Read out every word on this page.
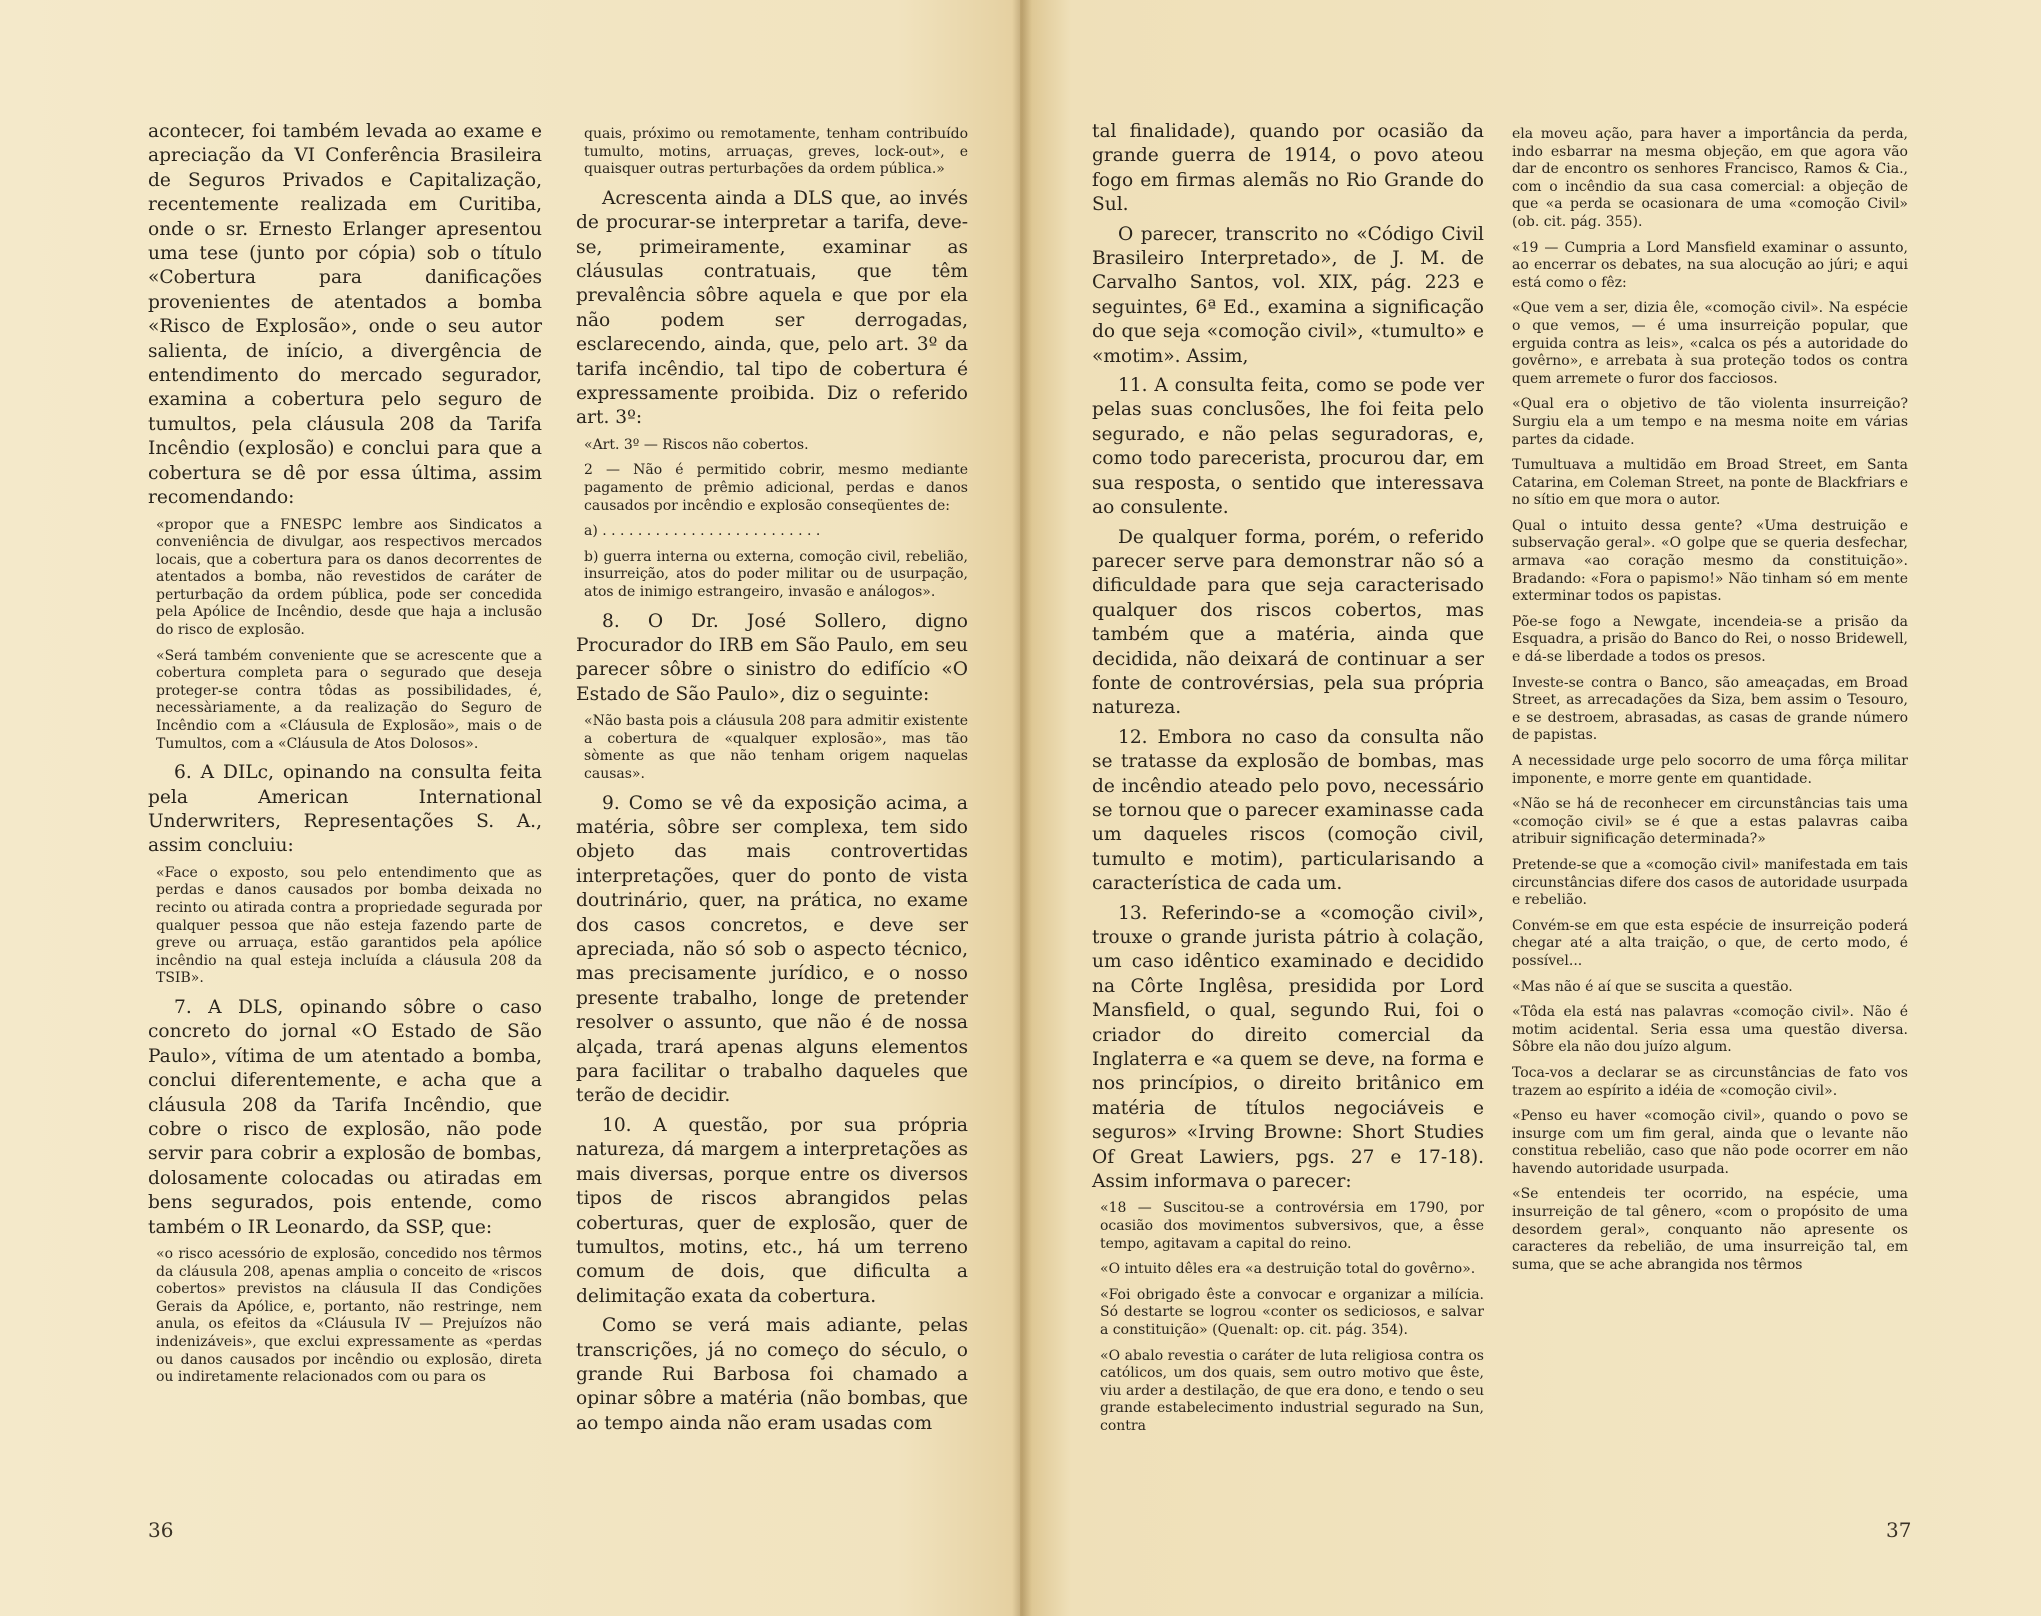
acontecer, foi também levada ao exame e apreciação da VI Conferência Brasileira de Seguros Privados e Capitalização, recentemente realizada em Curitiba, onde o sr. Ernesto Erlanger apresentou uma tese (junto por cópia) sob o título «Cobertura para danificações provenientes de atentados a bomba «Risco de Explosão», onde o seu autor salienta, de início, a divergência de entendimento do mercado segurador, examina a cobertura pelo seguro de tumultos, pela cláusula 208 da Tarifa Incêndio (explosão) e conclui para que a cobertura se dê por essa última, assim recomendando:

«propor que a FNESPC lembre aos Sindicatos a conveniência de divulgar, aos respectivos mercados locais, que a cobertura para os danos decorrentes de atentados a bomba, não revestidos de caráter de perturbação da ordem pública, pode ser concedida pela Apólice de Incêndio, desde que haja a inclusão do risco de explosão.

«Será também conveniente que se acrescente que a cobertura completa para o segurado que deseja proteger-se contra tôdas as possibilidades, é, necessàriamente, a da realização do Seguro de Incêndio com a «Cláusula de Explosão», mais o de Tumultos, com a «Cláusula de Atos Dolosos».

6. A DILc, opinando na consulta feita pela American International Underwriters, Representações S. A., assim concluiu:

«Face o exposto, sou pelo entendimento que as perdas e danos causados por bomba deixada no recinto ou atirada contra a propriedade segurada por qualquer pessoa que não esteja fazendo parte de greve ou arruaça, estão garantidos pela apólice incêndio na qual esteja incluída a cláusula 208 da TSIB».

7. A DLS, opinando sôbre o caso concreto do jornal «O Estado de São Paulo», vítima de um atentado a bomba, conclui diferentemente, e acha que a cláusula 208 da Tarifa Incêndio, que cobre o risco de explosão, não pode servir para cobrir a explosão de bombas, dolosamente colocadas ou atiradas em bens segurados, pois entende, como também o IR Leonardo, da SSP, que:

«o risco acessório de explosão, concedido nos têrmos da cláusula 208, apenas amplia o conceito de «riscos cobertos» previstos na cláusula II das Condições Gerais da Apólice, e, portanto, não restringe, nem anula, os efeitos da «Cláusula IV — Prejuízos não indenizáveis», que exclui expressamente as «perdas ou danos causados por incêndio ou explosão, direta ou indiretamente relacionados com ou para os

quais, próximo ou remotamente, tenham contribuído tumulto, motins, arruaças, greves, lock-out», e quaisquer outras perturbações da ordem pública.»

Acrescenta ainda a DLS que, ao invés de procurar-se interpretar a tarifa, deve-se, primeiramente, examinar as cláusulas contratuais, que têm prevalência sôbre aquela e que por ela não podem ser derrogadas, esclarecendo, ainda, que, pelo art. 3º da tarifa incêndio, tal tipo de cobertura é expressamente proibida. Diz o referido art. 3º:

«Art. 3º — Riscos não cobertos.

2 — Não é permitido cobrir, mesmo mediante pagamento de prêmio adicional, perdas e danos causados por incêndio e explosão conseqüentes de:

a) . . . . . . . . . . . . . . . . . . . . . . . . .

b) guerra interna ou externa, comoção civil, rebelião, insurreição, atos do poder militar ou de usurpação, atos de inimigo estrangeiro, invasão e análogos».

8. O Dr. José Sollero, digno Procurador do IRB em São Paulo, em seu parecer sôbre o sinistro do edifício «O Estado de São Paulo», diz o seguinte:

«Não basta pois a cláusula 208 para admitir existente a cobertura de «qualquer explosão», mas tão sòmente as que não tenham origem naquelas causas».

9. Como se vê da exposição acima, a matéria, sôbre ser complexa, tem sido objeto das mais controvertidas interpretações, quer do ponto de vista doutrinário, quer, na prática, no exame dos casos concretos, e deve ser apreciada, não só sob o aspecto técnico, mas precisamente jurídico, e o nosso presente trabalho, longe de pretender resolver o assunto, que não é de nossa alçada, trará apenas alguns elementos para facilitar o trabalho daqueles que terão de decidir.

10. A questão, por sua própria natureza, dá margem a interpretações as mais diversas, porque entre os diversos tipos de riscos abrangidos pelas coberturas, quer de explosão, quer de tumultos, motins, etc., há um terreno comum de dois, que dificulta a delimitação exata da cobertura.

Como se verá mais adiante, pelas transcrições, já no começo do século, o grande Rui Barbosa foi chamado a opinar sôbre a matéria (não bombas, que ao tempo ainda não eram usadas com

tal finalidade), quando por ocasião da grande guerra de 1914, o povo ateou fogo em firmas alemãs no Rio Grande do Sul.

O parecer, transcrito no «Código Civil Brasileiro Interpretado», de J. M. de Carvalho Santos, vol. XIX, pág. 223 e seguintes, 6ª Ed., examina a significação do que seja «comoção civil», «tumulto» e «motim». Assim,

11. A consulta feita, como se pode ver pelas suas conclusões, lhe foi feita pelo segurado, e não pelas seguradoras, e, como todo parecerista, procurou dar, em sua resposta, o sentido que interessava ao consulente.

De qualquer forma, porém, o referido parecer serve para demonstrar não só a dificuldade para que seja caracterisado qualquer dos riscos cobertos, mas também que a matéria, ainda que decidida, não deixará de continuar a ser fonte de controvérsias, pela sua própria natureza.

12. Embora no caso da consulta não se tratasse da explosão de bombas, mas de incêndio ateado pelo povo, necessário se tornou que o parecer examinasse cada um daqueles riscos (comoção civil, tumulto e motim), particularisando a característica de cada um.

13. Referindo-se a «comoção civil», trouxe o grande jurista pátrio à colação, um caso idêntico examinado e decidido na Côrte Inglêsa, presidida por Lord Mansfield, o qual, segundo Rui, foi o criador do direito comercial da Inglaterra e «a quem se deve, na forma e nos princípios, o direito britânico em matéria de títulos negociáveis e seguros» «Irving Browne: Short Studies Of Great Lawiers, pgs. 27 e 17-18). Assim informava o parecer:

«18 — Suscitou-se a controvérsia em 1790, por ocasião dos movimentos subversivos, que, a êsse tempo, agitavam a capital do reino.

«O intuito dêles era «a destruição total do govêrno».

«Foi obrigado êste a convocar e organizar a milícia. Só destarte se logrou «conter os sediciosos, e salvar a constituição» (Quenalt: op. cit. pág. 354).

«O abalo revestia o caráter de luta religiosa contra os católicos, um dos quais, sem outro motivo que êste, viu arder a destilação, de que era dono, e tendo o seu grande estabelecimento industrial segurado na Sun, contra

ela moveu ação, para haver a importância da perda, indo esbarrar na mesma objeção, em que agora vão dar de encontro os senhores Francisco, Ramos & Cia., com o incêndio da sua casa comercial: a objeção de que «a perda se ocasionara de uma «comoção Civil» (ob. cit. pág. 355).

«19 — Cumpria a Lord Mansfield examinar o assunto, ao encerrar os debates, na sua alocução ao júri; e aqui está como o fêz:

«Que vem a ser, dizia êle, «comoção civil». Na espécie o que vemos, — é uma insurreição popular, que erguida contra as leis», «calca os pés a autoridade do govêrno», e arrebata à sua proteção todos os contra quem arremete o furor dos facciosos.

«Qual era o objetivo de tão violenta insurreição? Surgiu ela a um tempo e na mesma noite em várias partes da cidade.

Tumultuava a multidão em Broad Street, em Santa Catarina, em Coleman Street, na ponte de Blackfriars e no sítio em que mora o autor.

Qual o intuito dessa gente? «Uma destruição e subservação geral». «O golpe que se queria desfechar, armava «ao coração mesmo da constituição». Bradando: «Fora o papismo!» Não tinham só em mente exterminar todos os papistas.

Põe-se fogo a Newgate, incendeia-se a prisão da Esquadra, a prisão do Banco do Rei, o nosso Bridewell, e dá-se liberdade a todos os presos.

Investe-se contra o Banco, são ameaçadas, em Broad Street, as arrecadações da Siza, bem assim o Tesouro, e se destroem, abrasadas, as casas de grande número de papistas.

A necessidade urge pelo socorro de uma fôrça militar imponente, e morre gente em quantidade.

«Não se há de reconhecer em circunstâncias tais uma «comoção civil» se é que a estas palavras caiba atribuir significação determinada?»

Pretende-se que a «comoção civil» manifestada em tais circunstâncias difere dos casos de autoridade usurpada e rebelião.

Convém-se em que esta espécie de insurreição poderá chegar até a alta traição, o que, de certo modo, é possível...

«Mas não é aí que se suscita a questão.

«Tôda ela está nas palavras «comoção civil». Não é motim acidental. Seria essa uma questão diversa. Sôbre ela não dou juízo algum.

Toca-vos a declarar se as circunstâncias de fato vos trazem ao espírito a idéia de «comoção civil».

«Penso eu haver «comoção civil», quando o povo se insurge com um fim geral, ainda que o levante não constitua rebelião, caso que não pode ocorrer em não havendo autoridade usurpada.

«Se entendeis ter ocorrido, na espécie, uma insurreição de tal gênero, «com o propósito de uma desordem geral», conquanto não apresente os caracteres da rebelião, de uma insurreição tal, em suma, que se ache abrangida nos têrmos

36	37
